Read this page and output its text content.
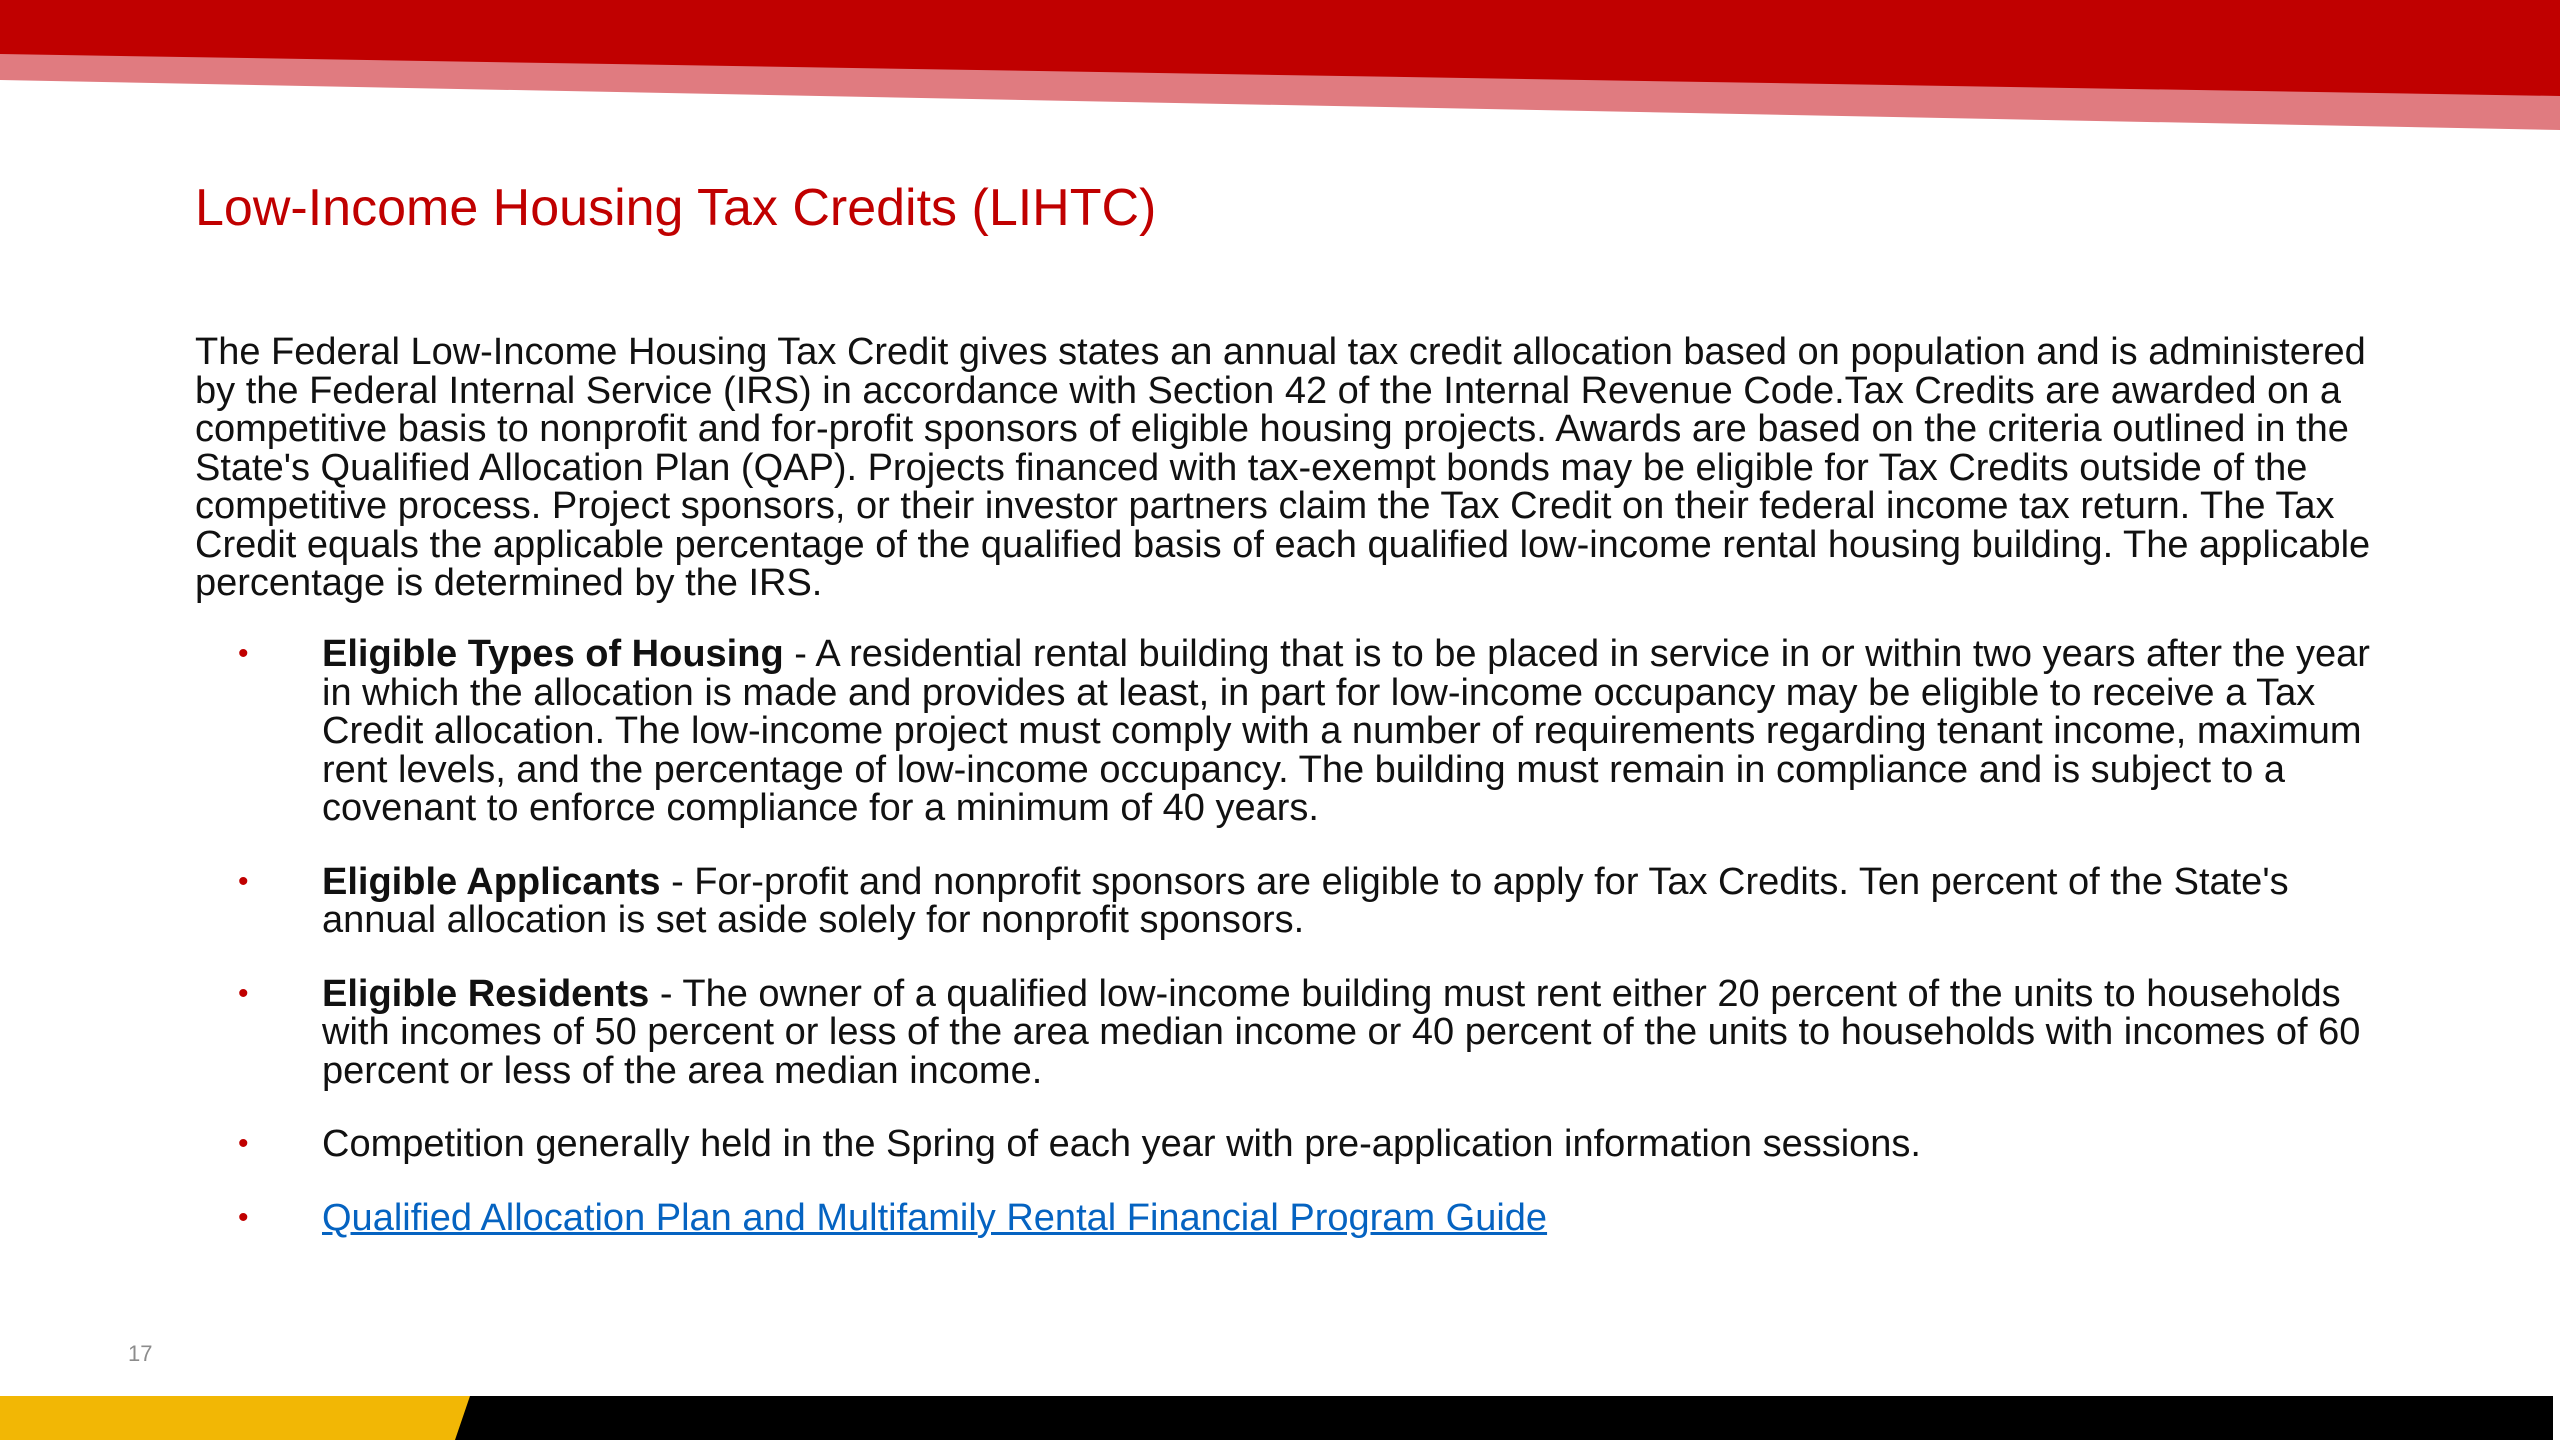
Low-Income Housing Tax Credits (LIHTC)

The Federal Low-Income Housing Tax Credit gives states an annual tax credit allocation based on population and is administered by the Federal Internal Service (IRS) in accordance with Section 42 of the Internal Revenue Code.Tax Credits are awarded on a competitive basis to nonprofit and for-profit sponsors of eligible housing projects. Awards are based on the criteria outlined in the State's Qualified Allocation Plan (QAP). Projects financed with tax-exempt bonds may be eligible for Tax Credits outside of the competitive process. Project sponsors, or their investor partners claim the Tax Credit on their federal income tax return. The Tax Credit equals the applicable percentage of the qualified basis of each qualified low-income rental housing building. The applicable percentage is determined by the IRS.

• Eligible Types of Housing - A residential rental building that is to be placed in service in or within two years after the year in which the allocation is made and provides at least, in part for low-income occupancy may be eligible to receive a Tax Credit allocation. The low-income project must comply with a number of requirements regarding tenant income, maximum rent levels, and the percentage of low-income occupancy. The building must remain in compliance and is subject to a covenant to enforce compliance for a minimum of 40 years.
• Eligible Applicants - For-profit and nonprofit sponsors are eligible to apply for Tax Credits. Ten percent of the State's annual allocation is set aside solely for nonprofit sponsors.
• Eligible Residents - The owner of a qualified low-income building must rent either 20 percent of the units to households with incomes of 50 percent or less of the area median income or 40 percent of the units to households with incomes of 60 percent or less of the area median income.
• Competition generally held in the Spring of each year with pre-application information sessions.
• Qualified Allocation Plan and Multifamily Rental Financial Program Guide
17
